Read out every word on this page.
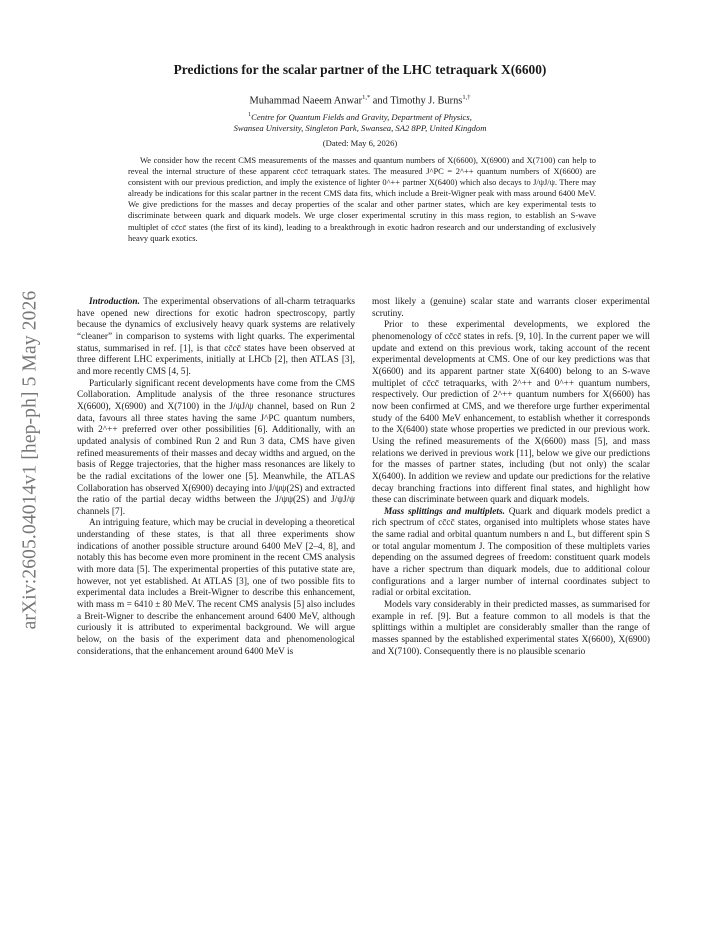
arXiv:2605.04014v1 [hep-ph] 5 May 2026
Predictions for the scalar partner of the LHC tetraquark X(6600)
Muhammad Naeem Anwar$^{1,*}$ and Timothy J. Burns$^{1,\dagger}$
$^1$Centre for Quantum Fields and Gravity, Department of Physics,
Swansea University, Singleton Park, Swansea, SA2 8PP, United Kingdom
(Dated: May 6, 2026)

We consider how the recent CMS measurements of the masses and quantum numbers of X(6600), X(6900) and X(7100) can help to reveal the internal structure of these apparent cc̄cc̄ tetraquark states. The measured J^PC = 2^++ quantum numbers of X(6600) are consistent with our previous prediction, and imply the existence of lighter 0^++ partner X(6400) which also decays to J/ψJ/ψ. There may already be indications for this scalar partner in the recent CMS data fits, which include a Breit-Wigner peak with mass around 6400 MeV. We give predictions for the masses and decay properties of the scalar and other partner states, which are key experimental tests to discriminate between quark and diquark models. We urge closer experimental scrutiny in this mass region, to establish an S-wave multiplet of cc̄cc̄ states (the first of its kind), leading to a breakthrough in exotic hadron research and our understanding of exclusively heavy quark exotics.

Introduction. The experimental observations of all-charm tetraquarks have opened new directions for exotic hadron spectroscopy, partly because the dynamics of exclusively heavy quark systems are relatively “cleaner” in comparison to systems with light quarks. The experimental status, summarised in ref. [1], is that cc̄cc̄ states have been observed at three different LHC experiments, initially at LHCb [2], then ATLAS [3], and more recently CMS [4, 5].

Particularly significant recent developments have come from the CMS Collaboration. Amplitude analysis of the three resonance structures X(6600), X(6900) and X(7100) in the J/ψJ/ψ channel, based on Run 2 data, favours all three states having the same J^PC quantum numbers, with 2^++ preferred over other possibilities [6]. Additionally, with an updated analysis of combined Run 2 and Run 3 data, CMS have given refined measurements of their masses and decay widths and argued, on the basis of Regge trajectories, that the higher mass resonances are likely to be the radial excitations of the lower one [5]. Meanwhile, the ATLAS Collaboration has observed X(6900) decaying into J/ψψ(2S) and extracted the ratio of the partial decay widths between the J/ψψ(2S) and J/ψJ/ψ channels [7].

An intriguing feature, which may be crucial in developing a theoretical understanding of these states, is that all three experiments show indications of another possible structure around 6400 MeV [2–4, 8], and notably this has become even more prominent in the recent CMS analysis with more data [5]. The experimental properties of this putative state are, however, not yet established. At ATLAS [3], one of two possible fits to experimental data includes a Breit-Wigner to describe this enhancement, with mass m = 6410 ± 80 MeV. The recent CMS analysis [5] also includes a Breit-Wigner to describe the enhancement around 6400 MeV, although curiously it is attributed to experimental background. We will argue below, on the basis of the experiment data and phenomenological considerations, that the enhancement around 6400 MeV is

most likely a (genuine) scalar state and warrants closer experimental scrutiny.

Prior to these experimental developments, we explored the phenomenology of cc̄cc̄ states in refs. [9, 10]. In the current paper we will update and extend on this previous work, taking account of the recent experimental developments at CMS. One of our key predictions was that X(6600) and its apparent partner state X(6400) belong to an S-wave multiplet of cc̄cc̄ tetraquarks, with 2^++ and 0^++ quantum numbers, respectively. Our prediction of 2^++ quantum numbers for X(6600) has now been confirmed at CMS, and we therefore urge further experimental study of the 6400 MeV enhancement, to establish whether it corresponds to the X(6400) state whose properties we predicted in our previous work. Using the refined measurements of the X(6600) mass [5], and mass relations we derived in previous work [11], below we give our predictions for the masses of partner states, including (but not only) the scalar X(6400). In addition we review and update our predictions for the relative decay branching fractions into different final states, and highlight how these can discriminate between quark and diquark models.

Mass splittings and multiplets. Quark and diquark models predict a rich spectrum of cc̄cc̄ states, organised into multiplets whose states have the same radial and orbital quantum numbers n and L, but different spin S or total angular momentum J. The composition of these multiplets varies depending on the assumed degrees of freedom: constituent quark models have a richer spectrum than diquark models, due to additional colour configurations and a larger number of internal coordinates subject to radial or orbital excitation.

Models vary considerably in their predicted masses, as summarised for example in ref. [9]. But a feature common to all models is that the splittings within a multiplet are considerably smaller than the range of masses spanned by the established experimental states X(6600), X(6900) and X(7100). Consequently there is no plausible scenario
